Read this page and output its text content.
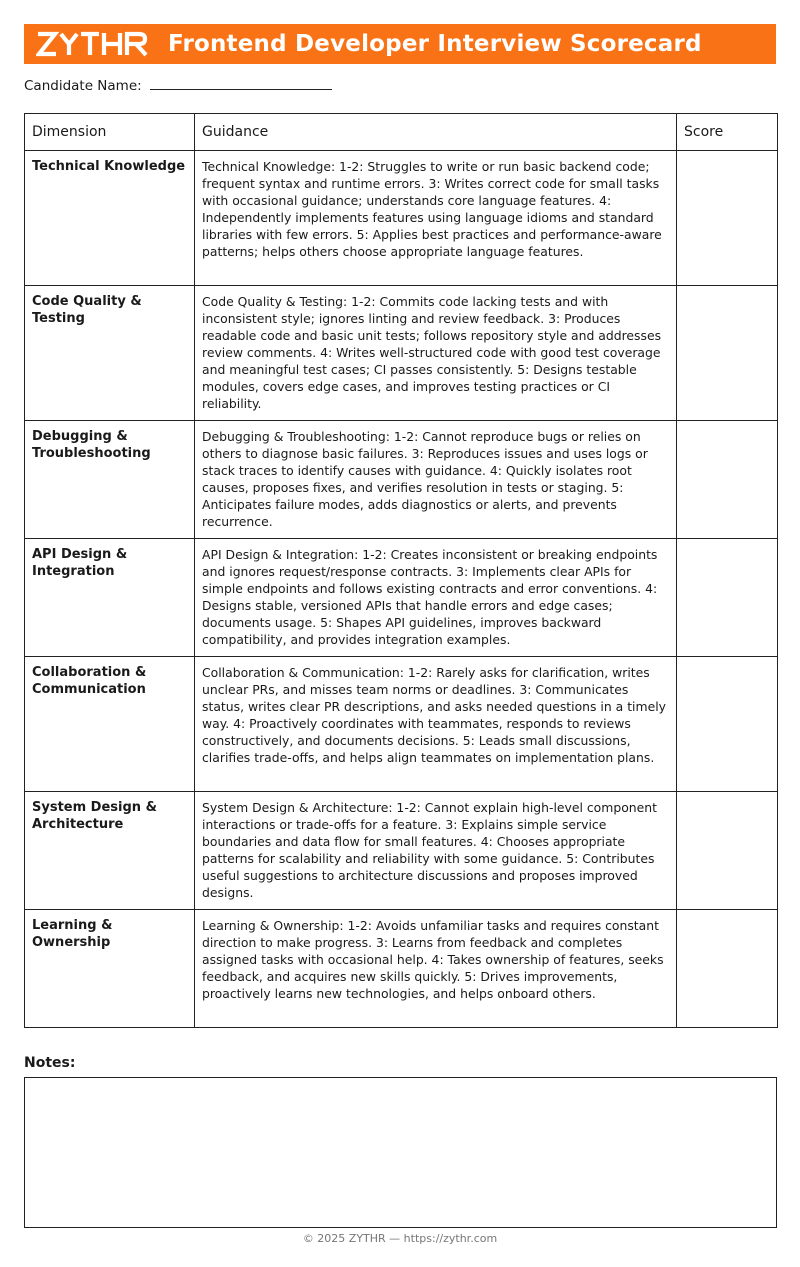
Frontend Developer Interview Scorecard
Candidate Name:
Dimension	Guidance	Score
Technical Knowledge	Technical Knowledge: 1-2: Struggles to write or run basic backend code; frequent syntax and runtime errors. 3: Writes correct code for small tasks with occasional guidance; understands core language features. 4: Independently implements features using language idioms and standard libraries with few errors. 5: Applies best practices and performance-aware patterns; helps others choose appropriate language features.	
Code Quality & Testing	Code Quality & Testing: 1-2: Commits code lacking tests and with inconsistent style; ignores linting and review feedback. 3: Produces readable code and basic unit tests; follows repository style and addresses review comments. 4: Writes well-structured code with good test coverage and meaningful test cases; CI passes consistently. 5: Designs testable modules, covers edge cases, and improves testing practices or CI reliability.	
Debugging & Troubleshooting	Debugging & Troubleshooting: 1-2: Cannot reproduce bugs or relies on others to diagnose basic failures. 3: Reproduces issues and uses logs or stack traces to identify causes with guidance. 4: Quickly isolates root causes, proposes fixes, and verifies resolution in tests or staging. 5: Anticipates failure modes, adds diagnostics or alerts, and prevents recurrence.	
API Design & Integration	API Design & Integration: 1-2: Creates inconsistent or breaking endpoints and ignores request/response contracts. 3: Implements clear APIs for simple endpoints and follows existing contracts and error conventions. 4: Designs stable, versioned APIs that handle errors and edge cases; documents usage. 5: Shapes API guidelines, improves backward compatibility, and provides integration examples.	
Collaboration & Communication	Collaboration & Communication: 1-2: Rarely asks for clarification, writes unclear PRs, and misses team norms or deadlines. 3: Communicates status, writes clear PR descriptions, and asks needed questions in a timely way. 4: Proactively coordinates with teammates, responds to reviews constructively, and documents decisions. 5: Leads small discussions, clarifies trade-offs, and helps align teammates on implementation plans.	
System Design & Architecture	System Design & Architecture: 1-2: Cannot explain high-level component interactions or trade-offs for a feature. 3: Explains simple service boundaries and data flow for small features. 4: Chooses appropriate patterns for scalability and reliability with some guidance. 5: Contributes useful suggestions to architecture discussions and proposes improved designs.	
Learning & Ownership	Learning & Ownership: 1-2: Avoids unfamiliar tasks and requires constant direction to make progress. 3: Learns from feedback and completes assigned tasks with occasional help. 4: Takes ownership of features, seeks feedback, and acquires new skills quickly. 5: Drives improvements, proactively learns new technologies, and helps onboard others.	
Notes:
© 2025 ZYTHR — https://zythr.com
